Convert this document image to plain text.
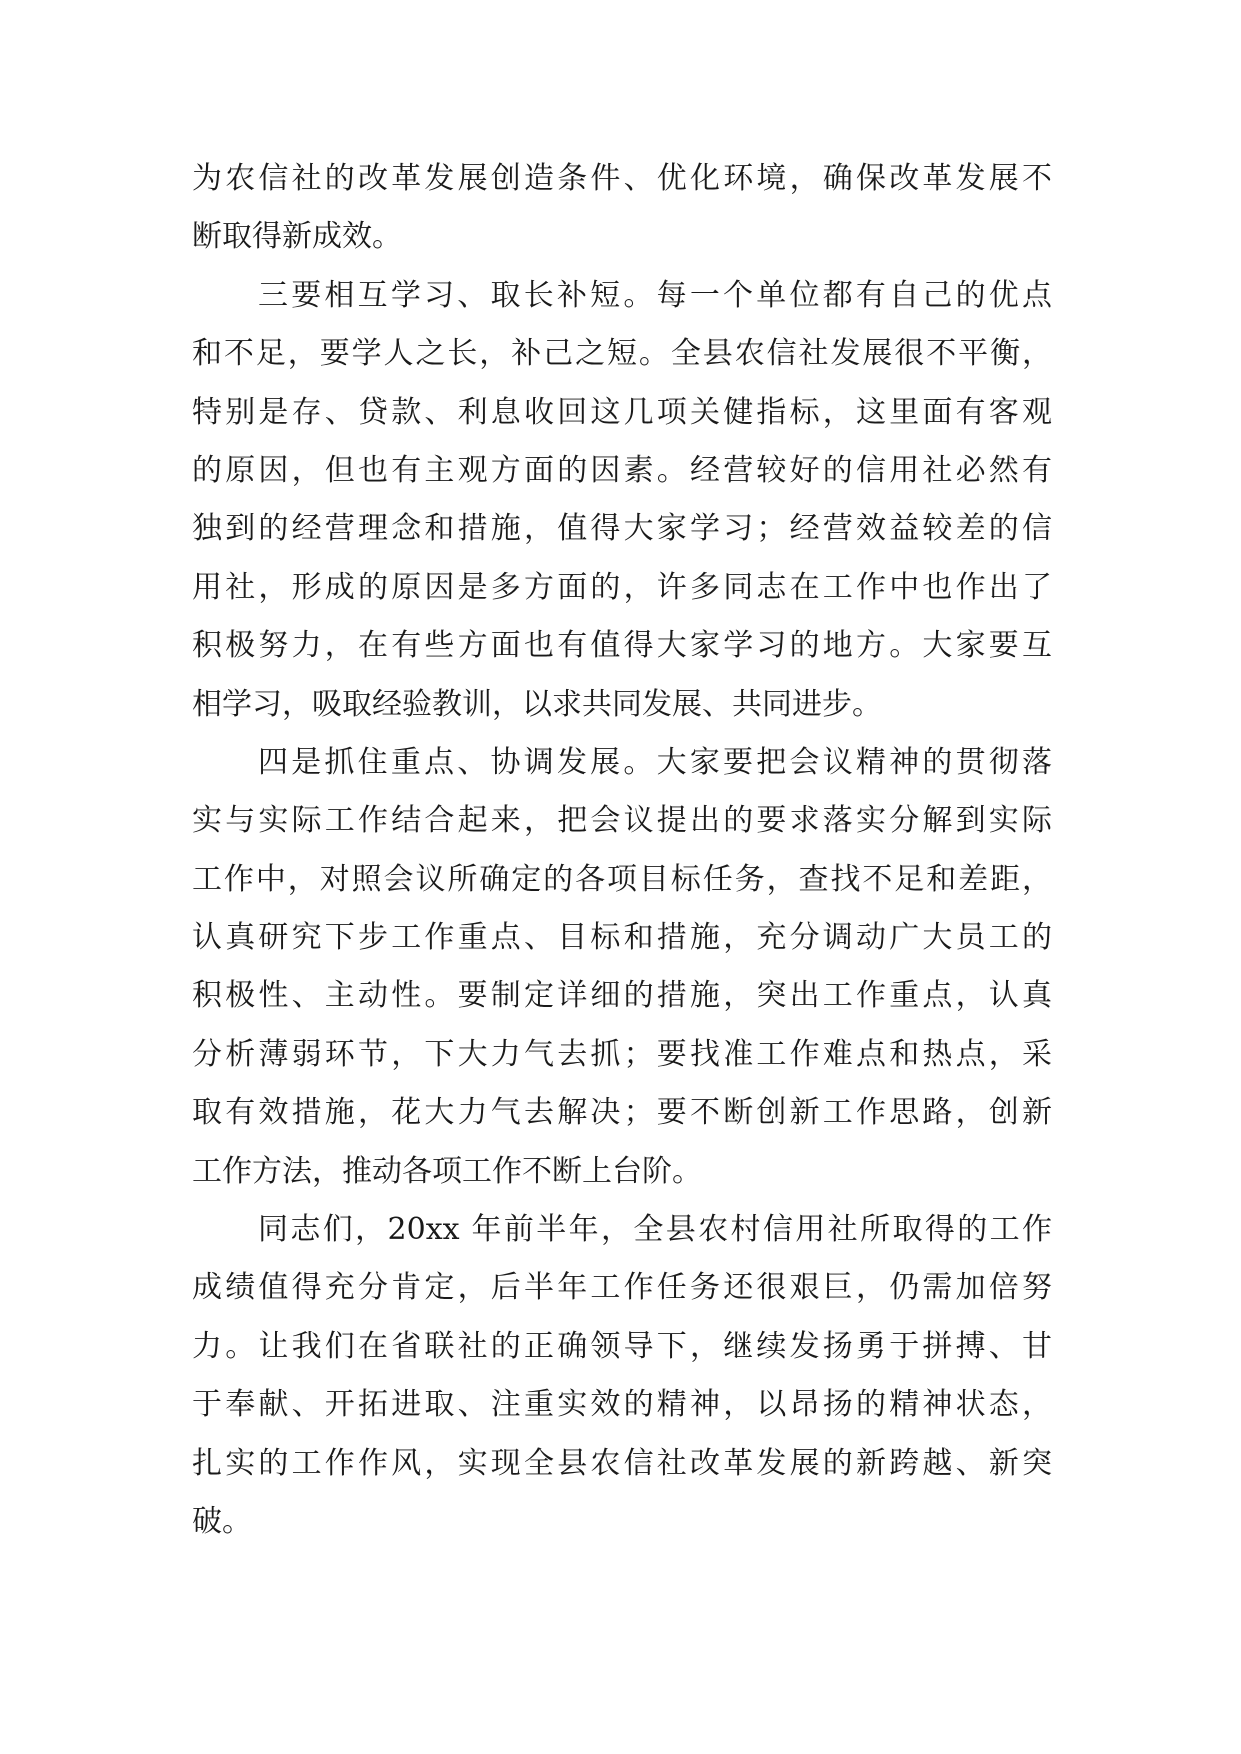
为农信社的改革发展创造条件、优化环境，确保改革发展不
断取得新成效。
三要相互学习、取长补短。每一个单位都有自己的优点
和不足，要学人之长，补己之短。全县农信社发展很不平衡，
特别是存、贷款、利息收回这几项关健指标，这里面有客观
的原因，但也有主观方面的因素。经营较好的信用社必然有
独到的经营理念和措施，值得大家学习；经营效益较差的信
用社，形成的原因是多方面的，许多同志在工作中也作出了
积极努力，在有些方面也有值得大家学习的地方。大家要互
相学习，吸取经验教训，以求共同发展、共同进步。
四是抓住重点、协调发展。大家要把会议精神的贯彻落
实与实际工作结合起来，把会议提出的要求落实分解到实际
工作中，对照会议所确定的各项目标任务，查找不足和差距，
认真研究下步工作重点、目标和措施，充分调动广大员工的
积极性、主动性。要制定详细的措施，突出工作重点，认真
分析薄弱环节，下大力气去抓；要找准工作难点和热点，采
取有效措施，花大力气去解决；要不断创新工作思路，创新
工作方法，推动各项工作不断上台阶。
同志们，20xx 年前半年，全县农村信用社所取得的工作
成绩值得充分肯定，后半年工作任务还很艰巨，仍需加倍努
力。让我们在省联社的正确领导下，继续发扬勇于拼搏、甘
于奉献、开拓进取、注重实效的精神，以昂扬的精神状态，
扎实的工作作风，实现全县农信社改革发展的新跨越、新突
破。
